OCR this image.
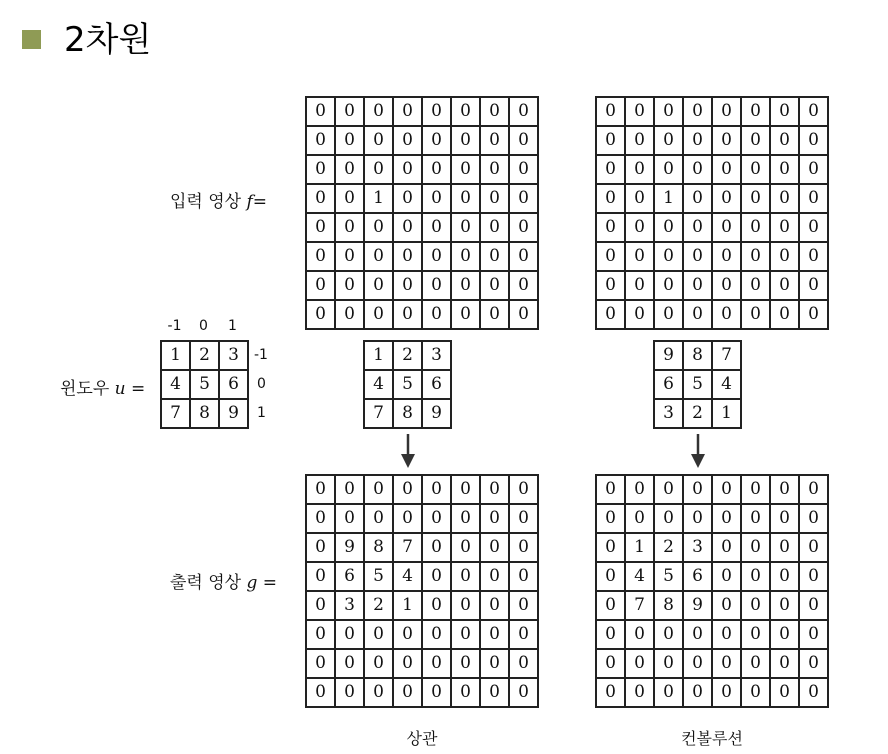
2차원
입력 영상 f=
0	0	0	0	0	0	0	0
0	0	0	0	0	0	0	0
0	0	0	0	0	0	0	0
0	0	1	0	0	0	0	0
0	0	0	0	0	0	0	0
0	0	0	0	0	0	0	0
0	0	0	0	0	0	0	0
0	0	0	0	0	0	0	0
0	0	0	0	0	0	0	0
0	0	0	0	0	0	0	0
0	0	0	0	0	0	0	0
0	0	1	0	0	0	0	0
0	0	0	0	0	0	0	0
0	0	0	0	0	0	0	0
0	0	0	0	0	0	0	0
0	0	0	0	0	0	0	0
-1	0	1
-1
0
1
윈도우 u =
1	2	3
4	5	6
7	8	9
1	2	3
4	5	6
7	8	9
9	8	7
6	5	4
3	2	1
출력 영상 g =
0	0	0	0	0	0	0	0
0	0	0	0	0	0	0	0
0	9	8	7	0	0	0	0
0	6	5	4	0	0	0	0
0	3	2	1	0	0	0	0
0	0	0	0	0	0	0	0
0	0	0	0	0	0	0	0
0	0	0	0	0	0	0	0
0	0	0	0	0	0	0	0
0	0	0	0	0	0	0	0
0	1	2	3	0	0	0	0
0	4	5	6	0	0	0	0
0	7	8	9	0	0	0	0
0	0	0	0	0	0	0	0
0	0	0	0	0	0	0	0
0	0	0	0	0	0	0	0
상관	컨볼루션
